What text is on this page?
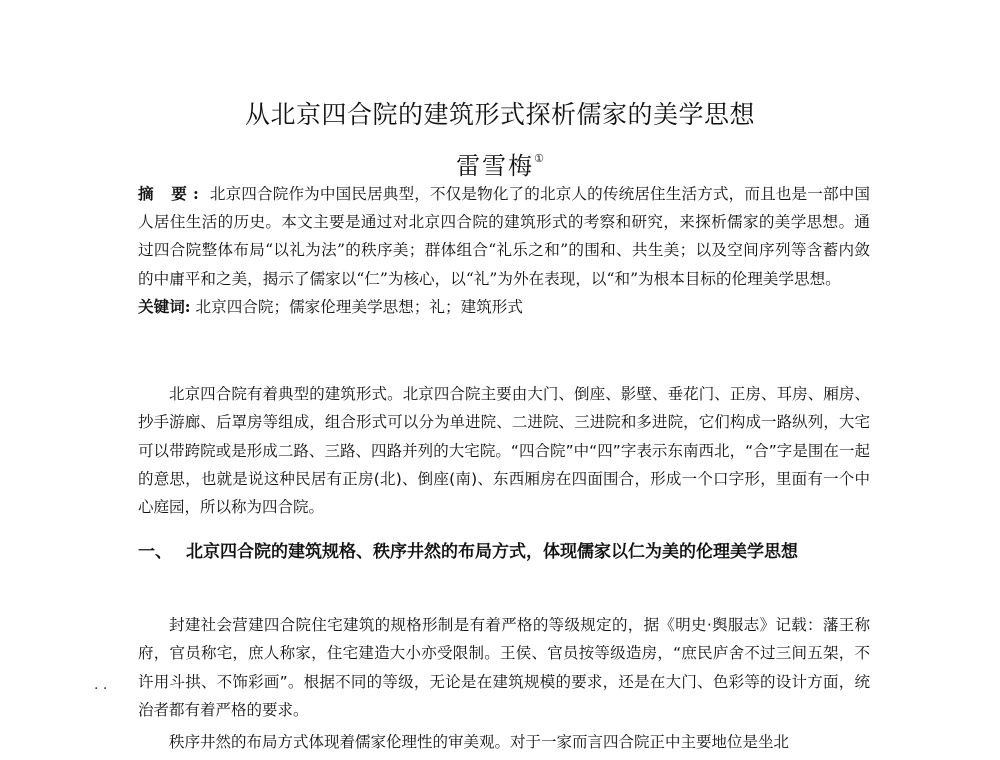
从北京四合院的建筑形式探析儒家的美学思想
雷雪梅①

摘 要: 北京四合院作为中国民居典型，不仅是物化了的北京人的传统居住生活方式，而且也是一部中国人居住生活的历史。本文主要是通过对北京四合院的建筑形式的考察和研究，来探析儒家的美学思想。通过四合院整体布局“以礼为法”的秩序美；群体组合“礼乐之和”的围和、共生美；以及空间序列等含蓄内敛的中庸平和之美，揭示了儒家以“仁”为核心，以“礼”为外在表现，以“和”为根本目标的伦理美学思想。

关键词: 北京四合院；儒家伦理美学思想；礼；建筑形式

北京四合院有着典型的建筑形式。北京四合院主要由大门、倒座、影壁、垂花门、正房、耳房、厢房、抄手游廊、后罩房等组成，组合形式可以分为单进院、二进院、三进院和多进院，它们构成一路纵列，大宅可以带跨院或是形成二路、三路、四路并列的大宅院。“四合院”中“四”字表示东南西北，“合”字是围在一起的意思，也就是说这种民居有正房(北)、倒座(南)、东西厢房在四面围合，形成一个口字形，里面有一个中心庭园，所以称为四合院。

一、 北京四合院的建筑规格、秩序井然的布局方式，体现儒家以仁为美的伦理美学思想

封建社会营建四合院住宅建筑的规格形制是有着严格的等级规定的，据《明史·舆服志》记载：藩王称府，官员称宅，庶人称家，住宅建造大小亦受限制。王侯、官员按等级造房，“庶民庐舍不过三间五架，不许用斗拱、不饰彩画”。根据不同的等级，无论是在建筑规模的要求，还是在大门、色彩等的设计方面，统治者都有着严格的要求。

秩序井然的布局方式体现着儒家伦理性的审美观。对于一家而言四合院正中主要地位是坐北

. .
